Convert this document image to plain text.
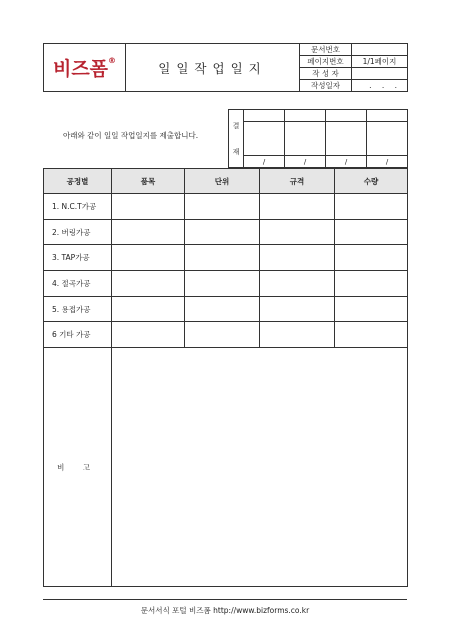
비즈폼®	일일작업일지	문서번호	
		페이지번호	1/1페이지
		작 성 자	
		작성일자	. . .
아래와 같이 일일 작업일지를 제출합니다.
결
재				

	/	/	/	/
공정별	품목	단위	규격	수량
1. N.C.T가공				
2. 버링가공				
3. TAP가공				
4. 절곡가공				
5. 용접가공				
6 기타 가공				
비 고				
문서서식 포털 비즈폼 http://www.bizforms.co.kr
